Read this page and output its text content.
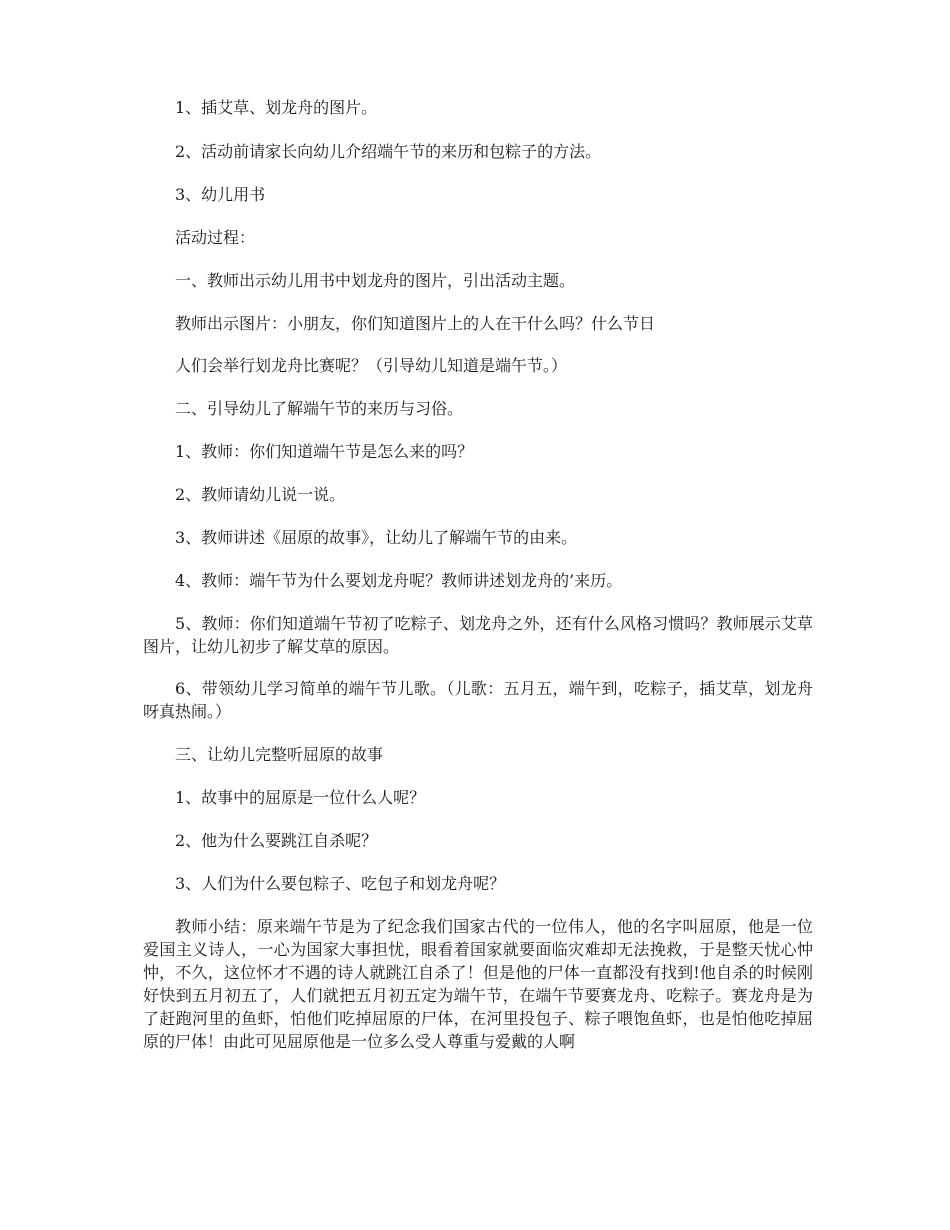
1、插艾草、划龙舟的图片。

2、活动前请家长向幼儿介绍端午节的来历和包粽子的方法。

3、幼儿用书

活动过程：

一、教师出示幼儿用书中划龙舟的图片，引出活动主题。

教师出示图片：小朋友，你们知道图片上的人在干什么吗？什么节日

人们会举行划龙舟比赛呢？（引导幼儿知道是端午节。）

二、引导幼儿了解端午节的来历与习俗。

1、教师：你们知道端午节是怎么来的吗？

2、教师请幼儿说一说。

3、教师讲述《屈原的故事》，让幼儿了解端午节的由来。

4、教师：端午节为什么要划龙舟呢？教师讲述划龙舟的’来历。

5、教师：你们知道端午节初了吃粽子、划龙舟之外，还有什么风格习惯吗？教师展示艾草图片，让幼儿初步了解艾草的原因。

6、带领幼儿学习简单的端午节儿歌。（儿歌：五月五，端午到，吃粽子，插艾草，划龙舟呀真热闹。）

三、让幼儿完整听屈原的故事

1、故事中的屈原是一位什么人呢？

2、他为什么要跳江自杀呢？

3、人们为什么要包粽子、吃包子和划龙舟呢？

教师小结：原来端午节是为了纪念我们国家古代的一位伟人，他的名字叫屈原，他是一位爱国主义诗人，一心为国家大事担忧，眼看着国家就要面临灾难却无法挽救，于是整天忧心忡忡，不久，这位怀才不遇的诗人就跳江自杀了！但是他的尸体一直都没有找到!他自杀的时候刚好快到五月初五了，人们就把五月初五定为端午节，在端午节要赛龙舟、吃粽子。赛龙舟是为了赶跑河里的鱼虾，怕他们吃掉屈原的尸体，在河里投包子、粽子喂饱鱼虾，也是怕他吃掉屈原的尸体！由此可见屈原他是一位多么受人尊重与爱戴的人啊
